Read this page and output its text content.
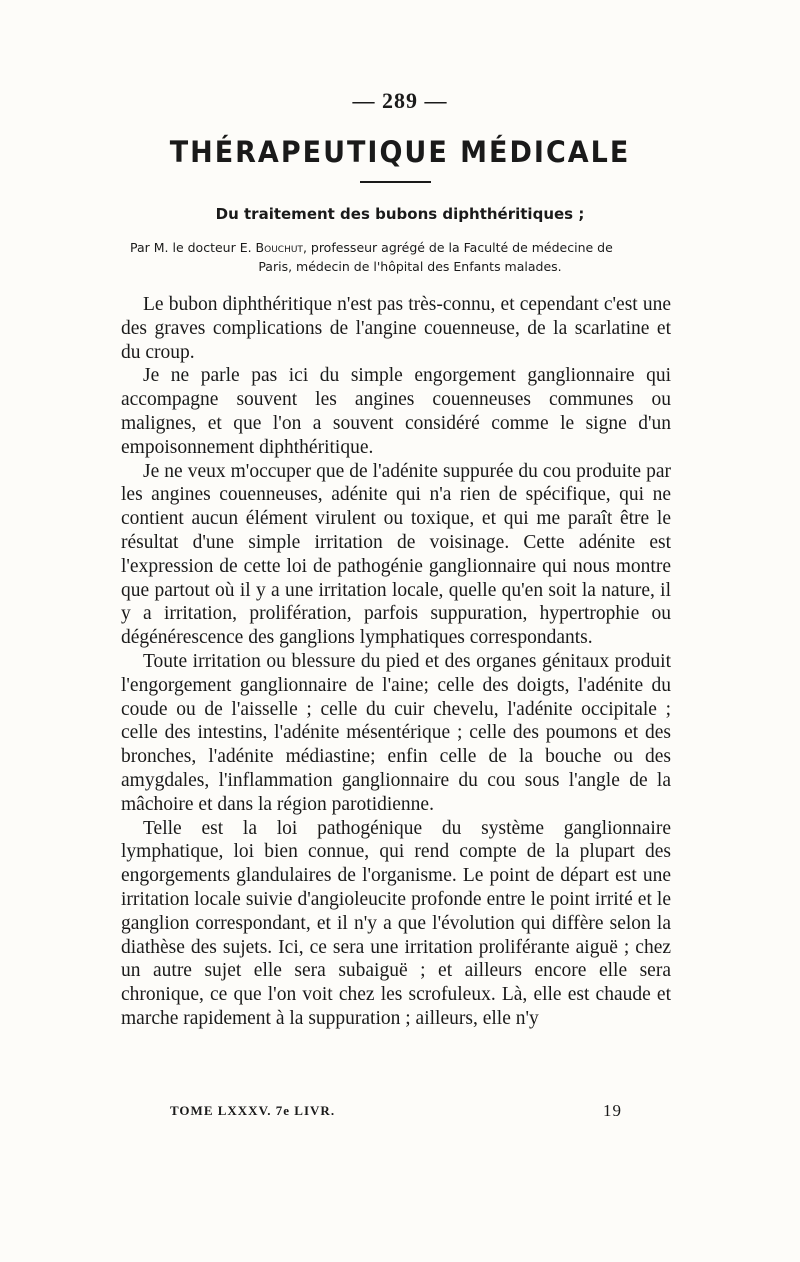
— 289 —
THÉRAPEUTIQUE MÉDICALE
Du traitement des bubons diphthéritiques ;
Par M. le docteur E. Bouchut, professeur agrégé de la Faculté de médecine de
Paris, médecin de l'hôpital des Enfants malades.

Le bubon diphthéritique n'est pas très-connu, et cependant c'est une des graves complications de l'angine couenneuse, de la scarlatine et du croup.

Je ne parle pas ici du simple engorgement ganglionnaire qui accompagne souvent les angines couenneuses communes ou malignes, et que l'on a souvent considéré comme le signe d'un empoisonnement diphthéritique.

Je ne veux m'occuper que de l'adénite suppurée du cou produite par les angines couenneuses, adénite qui n'a rien de spécifique, qui ne contient aucun élément virulent ou toxique, et qui me paraît être le résultat d'une simple irritation de voisinage. Cette adénite est l'expression de cette loi de pathogénie ganglionnaire qui nous montre que partout où il y a une irritation locale, quelle qu'en soit la nature, il y a irritation, prolifération, parfois suppuration, hypertrophie ou dégénérescence des ganglions lymphatiques correspondants.

Toute irritation ou blessure du pied et des organes génitaux produit l'engorgement ganglionnaire de l'aine; celle des doigts, l'adénite du coude ou de l'aisselle ; celle du cuir chevelu, l'adénite occipitale ; celle des intestins, l'adénite mésentérique ; celle des poumons et des bronches, l'adénite médiastine; enfin celle de la bouche ou des amygdales, l'inflammation ganglionnaire du cou sous l'angle de la mâchoire et dans la région parotidienne.

Telle est la loi pathogénique du système ganglionnaire lymphatique, loi bien connue, qui rend compte de la plupart des engorgements glandulaires de l'organisme. Le point de départ est une irritation locale suivie d'angioleucite profonde entre le point irrité et le ganglion correspondant, et il n'y a que l'évolution qui diffère selon la diathèse des sujets. Ici, ce sera une irritation proliférante aiguë ; chez un autre sujet elle sera subaiguë ; et ailleurs encore elle sera chronique, ce que l'on voit chez les scrofuleux. Là, elle est chaude et marche rapidement à la suppuration ; ailleurs, elle n'y

TOME LXXXV. 7e LIVR.	19
